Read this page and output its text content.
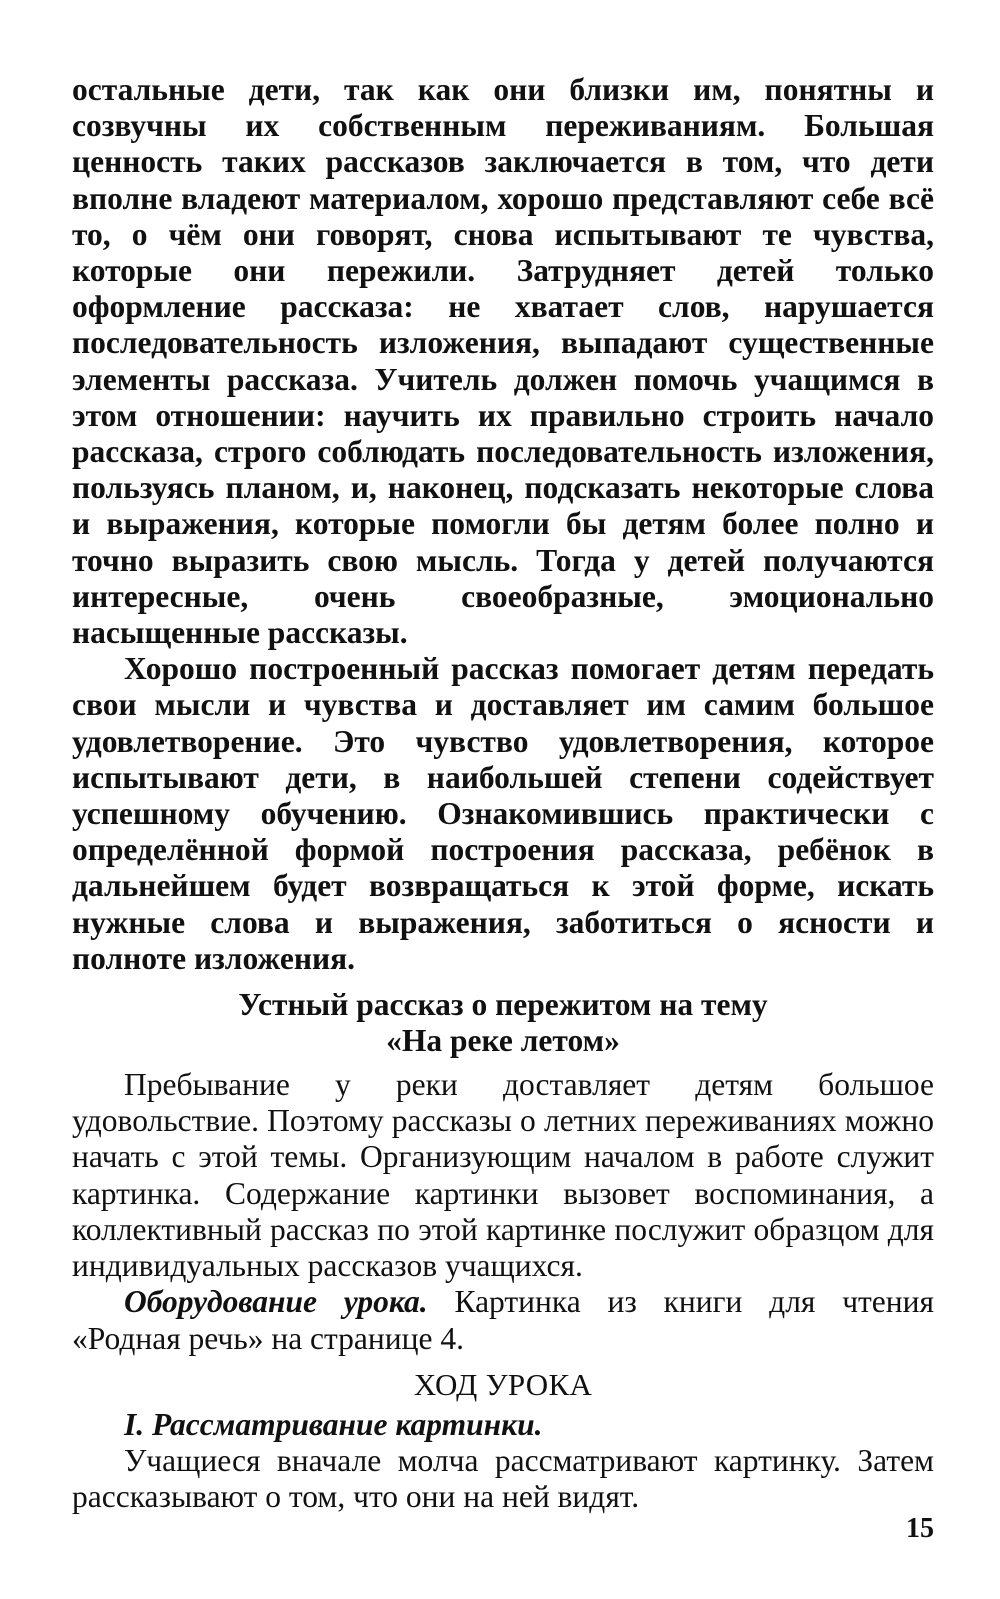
остальные дети, так как они близки им, понятны и созвучны их собственным переживаниям. Большая ценность таких рассказов заключается в том, что дети вполне владеют материалом, хорошо представляют себе всё то, о чём они говорят, снова испытывают те чувства, которые они пережили. Затрудняет детей только оформление рассказа: не хватает слов, нарушается последовательность изложения, выпадают существенные элементы рассказа. Учитель должен помочь учащимся в этом отношении: научить их правильно строить начало рассказа, строго соблюдать последовательность изложения, пользуясь планом, и, наконец, подсказать некоторые слова и выражения, которые помогли бы детям более полно и точно выразить свою мысль. Тогда у детей получаются интересные, очень своеобразные, эмоционально насыщенные рассказы.

Хорошо построенный рассказ помогает детям передать свои мысли и чувства и доставляет им самим большое удовлетворение. Это чувство удовлетворения, которое испытывают дети, в наибольшей степени содействует успешному обучению. Ознакомившись практически с определённой формой построения рассказа, ребёнок в дальнейшем будет возвращаться к этой форме, искать нужные слова и выражения, заботиться о ясности и полноте изложения.

Устный рассказ о пережитом на тему
«На реке летом»

Пребывание у реки доставляет детям большое удовольствие. Поэтому рассказы о летних переживаниях можно начать с этой темы. Организующим началом в работе служит картинка. Содержание картинки вызовет воспоминания, а коллективный рассказ по этой картинке послужит образцом для индивидуальных рассказов учащихся.

Оборудование урока. Картинка из книги для чтения «Родная речь» на странице 4.

ХОД УРОКА

I. Рассматривание картинки.

Учащиеся вначале молча рассматривают картинку. Затем рассказывают о том, что они на ней видят.

15
